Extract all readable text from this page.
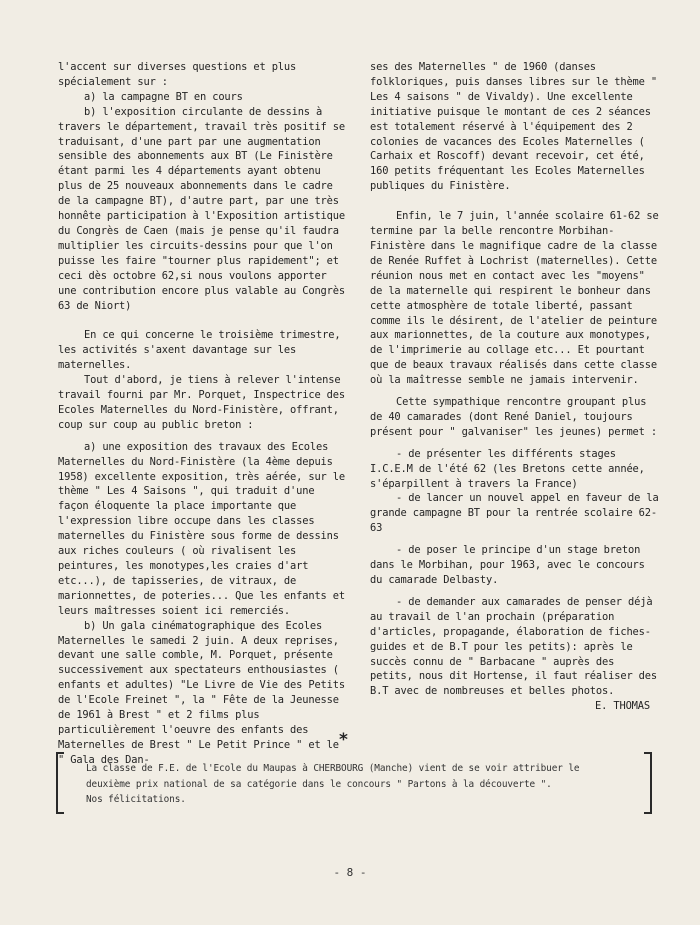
l'accent sur diverses questions et plus spécialement sur :

a) la campagne BT en cours

b) l'exposition circulante de dessins à travers le département, travail très positif se traduisant, d'une part par une augmentation sensible des abonnements aux BT (Le Finistère étant parmi les 4 départements ayant obtenu plus de 25 nouveaux abonnements dans le cadre de la campagne BT), d'autre part, par une très honnête participation à l'Exposition artistique du Congrès de Caen (mais je pense qu'il faudra multiplier les circuits-dessins pour que l'on puisse les faire "tourner plus rapidement"; et ceci dès octobre 62,si nous voulons apporter une contribution encore plus valable au Congrès 63 de Niort)

En ce qui concerne le troisième trimestre, les activités s'axent davantage sur les maternelles.

Tout d'abord, je tiens à relever l'intense travail fourni par Mr. Porquet, Inspectrice des Ecoles Maternelles du Nord-Finistère, offrant, coup sur coup au public breton :

a) une exposition des travaux des Ecoles Maternelles du Nord-Finistère (la 4ème depuis 1958) excellente exposition, très aérée, sur le thème " Les 4 Saisons ", qui traduit d'une façon éloquente la place importante que l'expression libre occupe dans les classes maternelles du Finistère sous forme de dessins aux riches couleurs ( où rivalisent les peintures, les monotypes,les craies d'art etc...), de tapisseries, de vitraux, de marionnettes, de poteries... Que les enfants et leurs maîtresses soient ici remerciés.

b) Un gala cinématographique des Ecoles Maternelles le samedi 2 juin. A deux reprises, devant une salle comble, M. Porquet, présente successivement aux spectateurs enthousiastes ( enfants et adultes) "Le Livre de Vie des Petits de l'Ecole Freinet ", la " Fête de la Jeunesse de 1961 à Brest " et 2 films plus particulièrement l'oeuvre des enfants des Maternelles de Brest " Le Petit Prince " et le " Gala des Dan-

ses des Maternelles " de 1960 (danses folkloriques, puis danses libres sur le thème " Les 4 saisons " de Vivaldy). Une excellente initiative puisque le montant de ces 2 séances est totalement réservé à l'équipement des 2 colonies de vacances des Ecoles Maternelles ( Carhaix et Roscoff) devant recevoir, cet été, 160 petits fréquentant les Ecoles Maternelles publiques du Finistère.

Enfin, le 7 juin, l'année scolaire 61-62 se termine par la belle rencontre Morbihan-Finistère dans le magnifique cadre de la classe de Renée Ruffet à Lochrist (maternelles). Cette réunion nous met en contact avec les "moyens" de la maternelle qui respirent le bonheur dans cette atmosphère de totale liberté, passant comme ils le désirent, de l'atelier de peinture aux marionnettes, de la couture aux monotypes, de l'imprimerie au collage etc... Et pourtant que de beaux travaux réalisés dans cette classe où la maîtresse semble ne jamais intervenir.

Cette sympathique rencontre groupant plus de 40 camarades (dont René Daniel, toujours présent pour " galvaniser" les jeunes) permet :

- de présenter les différents stages I.C.E.M de l'été 62 (les Bretons cette année, s'éparpillent à travers la France)

- de lancer un nouvel appel en faveur de la grande campagne BT pour la rentrée scolaire 62-63

- de poser le principe d'un stage breton dans le Morbihan, pour 1963, avec le concours du camarade Delbasty.

- de demander aux camarades de penser déjà au travail de l'an prochain (préparation d'articles, propagande, élaboration de fiches-guides et de B.T pour les petits): après le succès connu de " Barbacane " auprès des petits, nous dit Hortense, il faut réaliser des B.T avec de nombreuses et belles photos.

E. THOMAS

*
La classe de F.E. de l'Ecole du Maupas à CHERBOURG (Manche) vient de se voir attribuer le
deuxième prix national de sa catégorie dans le concours " Partons à la découverte ".
Nos félicitations.
- 8 -
